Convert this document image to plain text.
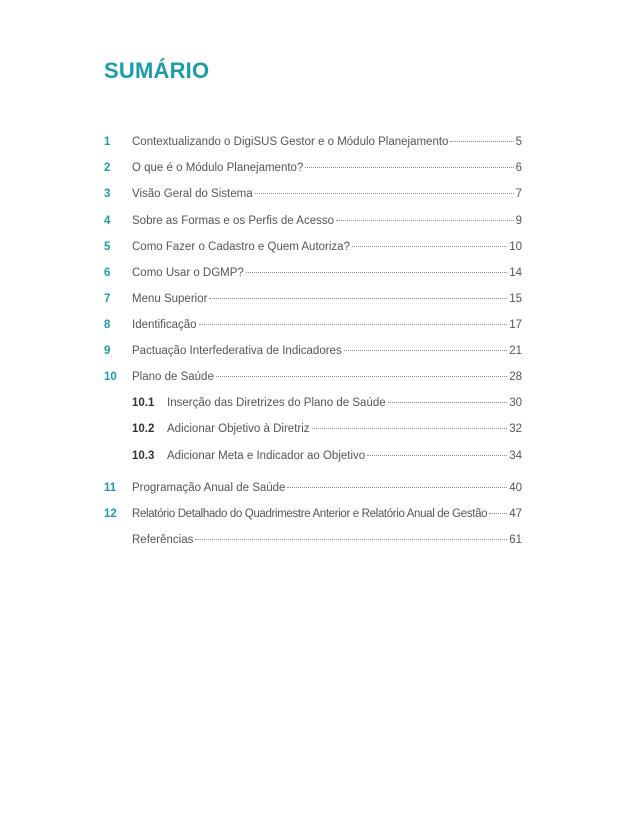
SUMÁRIO
1	Contextualizando o DigiSUS Gestor e o Módulo Planejamento	5
2	O que é o Módulo Planejamento?	6
3	Visão Geral do Sistema	7
4	Sobre as Formas e os Perfis de Acesso	9
5	Como Fazer o Cadastro e Quem Autoriza?	10
6	Como Usar o DGMP?	14
7	Menu Superior	15
8	Identificação	17
9	Pactuação Interfederativa de Indicadores	21
10	Plano de Saúde	28
10.1	Inserção das Diretrizes do Plano de Saúde	30
10.2	Adicionar Objetivo à Diretriz	32
10.3	Adicionar Meta e Indicador ao Objetivo	34
11	Programação Anual de Saúde	40
12	Relatório Detalhado do Quadrimestre Anterior e Relatório Anual de Gestão 47
Referências	61
